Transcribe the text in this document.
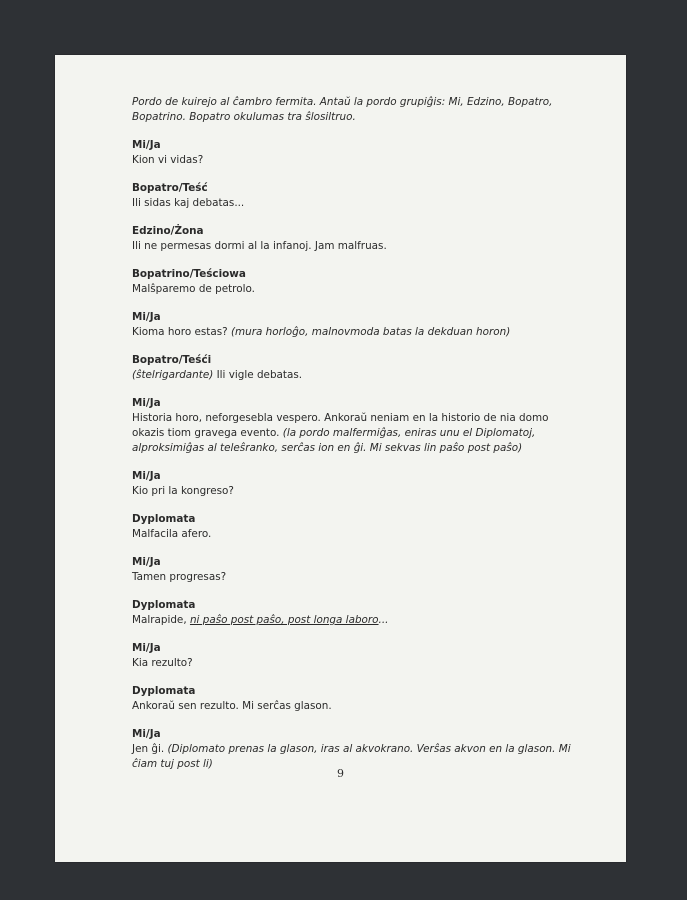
Pordo de kuirejo al ĉambro fermita. Antaŭ la pordo grupiĝis: Mi, Edzino, Bopatro, Bopatrino. Bopatro okulumas tra ŝlosiltruo.

Mi/Ja

Kion vi vidas?

Bopatro/Teść

Ili sidas kaj debatas...

Edzino/Żona

Ili ne permesas dormi al la infanoj. Jam malfruas.

Bopatrino/Teściowa

Malŝparemo de petrolo.

Mi/Ja

Kioma horo estas? (mura horloĝo, malnovmoda batas la dekduan horon)

Bopatro/Teśći

(ŝtelrigardante) Ili vigle debatas.

Mi/Ja

Historia horo, neforgesebla vespero. Ankoraŭ neniam en la historio de nia domo okazis tiom gravega evento. (la pordo malfermiĝas, eniras unu el Diplomatoj, alproksimiĝas al teleŝranko, serĉas ion en ĝi. Mi sekvas lin paŝo post paŝo)

Mi/Ja

Kio pri la kongreso?

Dyplomata

Malfacila afero.

Mi/Ja

Tamen progresas?

Dyplomata

Malrapide, ni paŝo post paŝo, post longa laboro...

Mi/Ja

Kia rezulto?

Dyplomata

Ankoraŭ sen rezulto. Mi serĉas glason.

Mi/Ja

Jen ĝi. (Diplomato prenas la glason, iras al akvokrano. Verŝas akvon en la glason. Mi ĉiam tuj post li)

9
